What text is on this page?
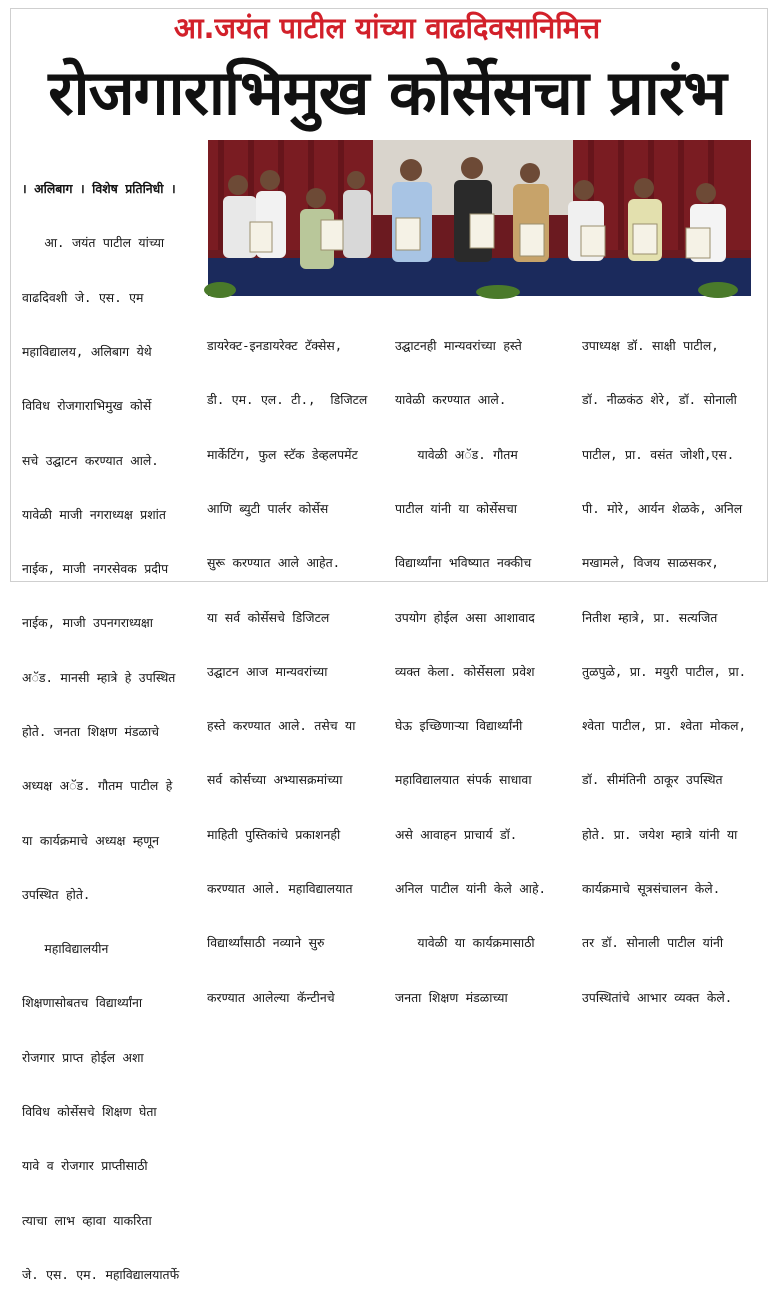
आ.जयंत पाटील यांच्या वाढदिवसानिमित्त
रोजगाराभिमुख कोर्सेसचा प्रारंभ

। अलिबाग । विशेष प्रतिनिधी ।

आ. जयंत पाटील यांच्या

वाढदिवशी जे. एस. एम

महाविद्यालय, अलिबाग येथे

विविध रोजगाराभिमुख कोर्से

सचे उद्घाटन करण्यात आले.

यावेळी माजी नगराध्यक्ष प्रशांत

नाईक, माजी नगरसेवक प्रदीप

नाईक, माजी उपनगराध्यक्षा

अॅड. मानसी म्हात्रे हे उपस्थित

होते. जनता शिक्षण मंडळाचे

अध्यक्ष अॅड. गौतम पाटील हे

या कार्यक्रमाचे अध्यक्ष म्हणून

उपस्थित होते.

महाविद्यालयीन

शिक्षणासोबतच विद्यार्थ्यांना

रोजगार प्राप्त होईल अशा

विविध कोर्सेसचे शिक्षण घेता

यावे व रोजगार प्राप्तीसाठी

त्याचा लाभ व्हावा याकरिता

जे. एस. एम. महाविद्यालयातर्फे

डायरेक्ट-इनडायरेक्ट टॅक्सेस,

डी. एम. एल. टी.,  डिजिटल

मार्केटिंग, फुल स्टॅक डेव्हलपमेंट

आणि ब्युटी पार्लर कोर्सेस

सुरू करण्यात आले आहेत.

या सर्व कोर्सेसचे डिजिटल

उद्घाटन आज मान्यवरांच्या

हस्ते करण्यात आले. तसेच या

सर्व कोर्सच्या अभ्यासक्रमांच्या

माहिती पुस्तिकांचे प्रकाशनही

करण्यात आले. महाविद्यालयात

विद्यार्थ्यांसाठी नव्याने सुरु

करण्यात आलेल्या कॅन्टीनचे

उद्घाटनही मान्यवरांच्या हस्ते

यावेळी करण्यात आले.

यावेळी अॅड. गौतम

पाटील यांनी या कोर्सेसचा

विद्यार्थ्यांना भविष्यात नक्कीच

उपयोग होईल असा आशावाद

व्यक्त केला. कोर्सेसला प्रवेश

घेऊ इच्छिणाऱ्या विद्यार्थ्यांनी

महाविद्यालयात संपर्क साधावा

असे आवाहन प्राचार्य डॉ.

अनिल पाटील यांनी केले आहे.

यावेळी या कार्यक्रमासाठी

जनता शिक्षण मंडळाच्या

उपाध्यक्ष डॉ. साक्षी पाटील,

डॉ. नीळकंठ शेरे, डॉ. सोनाली

पाटील, प्रा. वसंत जोशी,एस.

पी. मोरे, आर्यन शेळके, अनिल

मखामले, विजय साळसकर,

नितीश म्हात्रे, प्रा. सत्यजित

तुळपुळे, प्रा. मयुरी पाटील, प्रा.

श्वेता पाटील, प्रा. श्वेता मोकल,

डॉ. सीमंतिनी ठाकूर उपस्थित

होते. प्रा. जयेश म्हात्रे यांनी या

कार्यक्रमाचे सूत्रसंचालन केले.

तर डॉ. सोनाली पाटील यांनी

उपस्थितांचे आभार व्यक्त केले.
